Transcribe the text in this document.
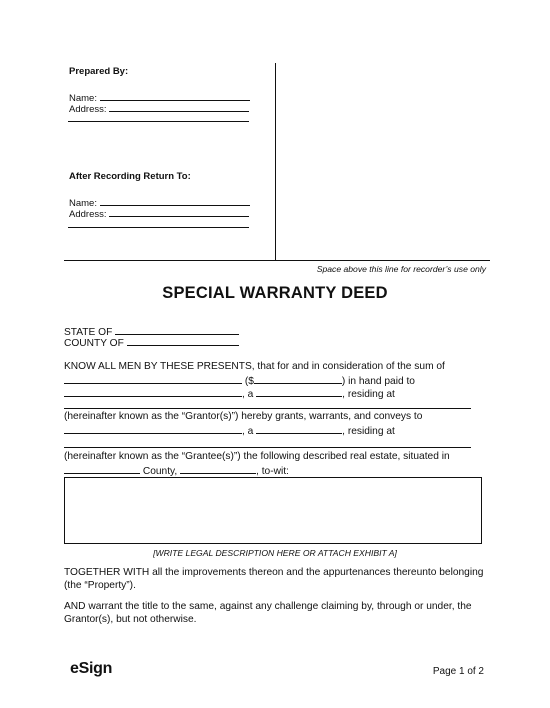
Prepared By:
Name:
Address:
After Recording Return To:
Name:
Address:
Space above this line for recorder’s use only
SPECIAL WARRANTY DEED
STATE OF
COUNTY OF
KNOW ALL MEN BY THESE PRESENTS, that for and in consideration of the sum of
($	) in hand paid to
, a	, residing at
(hereinafter known as the “Grantor(s)”) hereby grants, warrants, and conveys to
, a	, residing at
(hereinafter known as the “Grantee(s)”) the following described real estate, situated in
County,	, to-wit:
[WRITE LEGAL DESCRIPTION HERE OR ATTACH EXHIBIT A]
TOGETHER WITH all the improvements thereon and the appurtenances thereunto belonging
(the “Property”).
AND warrant the title to the same, against any challenge claiming by, through or under, the
Grantor(s), but not otherwise.
eSign	Page 1 of 2
